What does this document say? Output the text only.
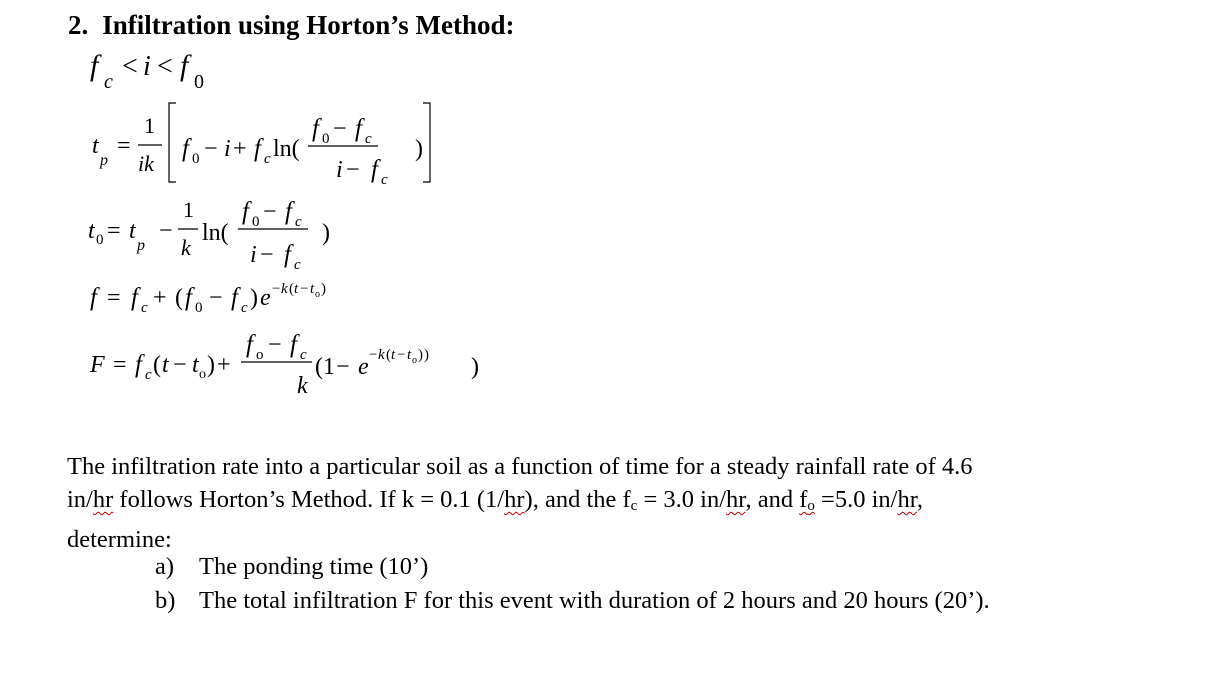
2. Infiltration using Horton’s Method:
f c < i < f 0
t
p
=
1
ik
f 0 − i + f c ln(
f 0 − f c
i − f c
)
t 0 = t
p
−
1
k
ln(
f 0 − f c
i − f c
)
f = f c + ( f 0 − f c ) e − k ( t − t o )
F = f c ( t − t o ) +
f o − f c
k
(1 − e − k ( t − t o ) ) )
The infiltration rate into a particular soil as a function of time for a steady rainfall rate of 4.6
in/hr follows Horton’s Method. If k = 0.1 (1/hr), and the $f_c = 3.0$ in/hr, and $f_o =5.0$ in/hr,
determine:
a) The ponding time (10’)
b) The total infiltration F for this event with duration of 2 hours and 20 hours (20’).
